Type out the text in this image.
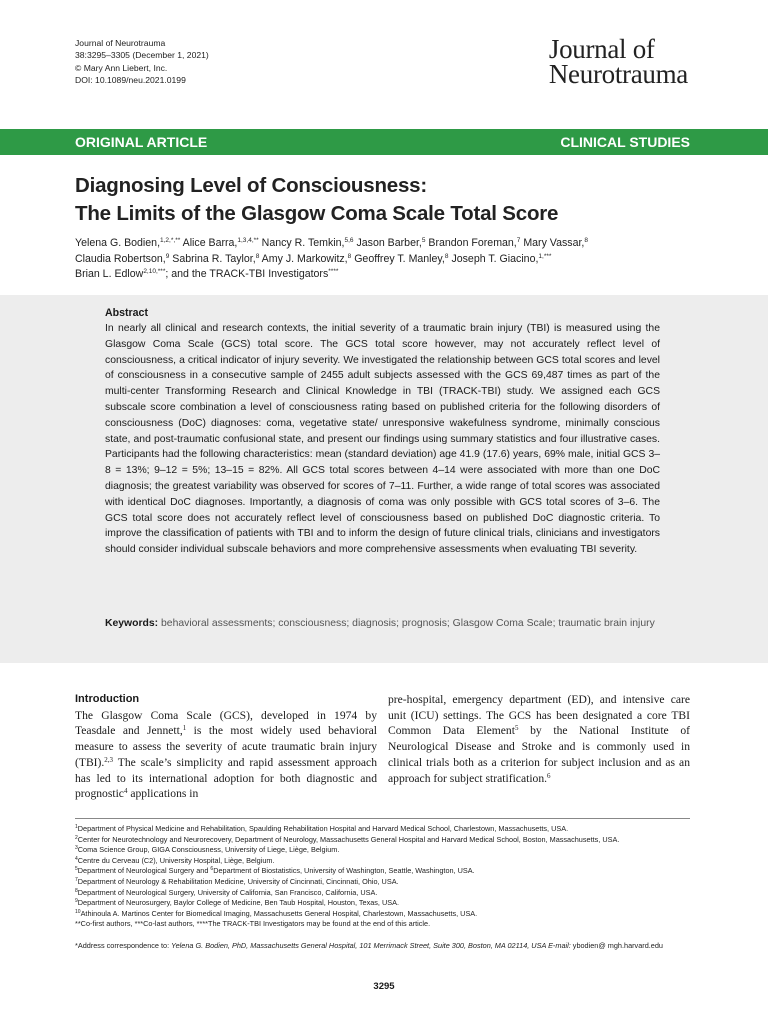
Journal of Neurotrauma
38:3295–3305 (December 1, 2021)
© Mary Ann Liebert, Inc.
DOI: 10.1089/neu.2021.0199
Journal of
Neurotrauma
ORIGINAL ARTICLE	CLINICAL STUDIES
Diagnosing Level of Consciousness:
The Limits of the Glasgow Coma Scale Total Score
Yelena G. Bodien,$^{1,2,*,**}$ Alice Barra,$^{1,3,4,**}$ Nancy R. Temkin,$^{5,6}$ Jason Barber,$^5$ Brandon Foreman,$^7$ Mary Vassar,$^8$
Claudia Robertson,$^9$ Sabrina R. Taylor,$^8$ Amy J. Markowitz,$^8$ Geoffrey T. Manley,$^8$ Joseph T. Giacino,$^{1,***}$
Brian L. Edlow$^{2,10,***}$; and the TRACK-TBI Investigators****
Abstract
In nearly all clinical and research contexts, the initial severity of a traumatic brain injury (TBI) is measured using the Glasgow Coma Scale (GCS) total score. The GCS total score however, may not accurately reflect level of consciousness, a critical indicator of injury severity. We investigated the relationship between GCS total scores and level of consciousness in a consecutive sample of 2455 adult subjects assessed with the GCS 69,487 times as part of the multi-center Transforming Research and Clinical Knowledge in TBI (TRACK-TBI) study. We assigned each GCS subscale score combination a level of consciousness rating based on published criteria for the following disorders of consciousness (DoC) diagnoses: coma, vegetative state/ unresponsive wakefulness syndrome, minimally conscious state, and post-traumatic confusional state, and present our findings using summary statistics and four illustrative cases. Participants had the following characteristics: mean (standard deviation) age 41.9 (17.6) years, 69% male, initial GCS 3–8 = 13%; 9–12 = 5%; 13–15 = 82%. All GCS total scores between 4–14 were associated with more than one DoC diagnosis; the greatest variability was observed for scores of 7–11. Further, a wide range of total scores was associated with identical DoC diagnoses. Importantly, a diagnosis of coma was only possible with GCS total scores of 3–6. The GCS total score does not accurately reflect level of consciousness based on published DoC diagnostic criteria. To improve the classification of patients with TBI and to inform the design of future clinical trials, clinicians and investigators should consider individual subscale behaviors and more comprehensive assessments when evaluating TBI severity.
Keywords: behavioral assessments; consciousness; diagnosis; prognosis; Glasgow Coma Scale; traumatic brain injury
Introduction
The Glasgow Coma Scale (GCS), developed in 1974 by Teasdale and Jennett,$^1$ is the most widely used behavioral measure to assess the severity of acute traumatic brain injury (TBI).$^{2,3}$ The scale’s simplicity and rapid assessment approach has led to its international adoption for both diagnostic and prognostic$^4$ applications in
pre-hospital, emergency department (ED), and intensive care unit (ICU) settings. The GCS has been designated a core TBI Common Data Element$^5$ by the National Institute of Neurological Disease and Stroke and is commonly used in clinical trials both as a criterion for subject inclusion and as an approach for subject stratification.$^6$
$^1$Department of Physical Medicine and Rehabilitation, Spaulding Rehabilitation Hospital and Harvard Medical School, Charlestown, Massachusetts, USA.
$^2$Center for Neurotechnology and Neurorecovery, Department of Neurology, Massachusetts General Hospital and Harvard Medical School, Boston, Massachusetts, USA.
$^3$Coma Science Group, GIGA Consciousness, University of Liege, Liège, Belgium.
$^4$Centre du Cerveau (C2), University Hospital, Liège, Belgium.
$^5$Department of Neurological Surgery and $^6$Department of Biostatistics, University of Washington, Seattle, Washington, USA.
$^7$Department of Neurology & Rehabilitation Medicine, University of Cincinnati, Cincinnati, Ohio, USA.
$^8$Department of Neurological Surgery, University of California, San Francisco, California, USA.
$^9$Department of Neurosurgery, Baylor College of Medicine, Ben Taub Hospital, Houston, Texas, USA.
$^{10}$Athinoula A. Martinos Center for Biomedical Imaging, Massachusetts General Hospital, Charlestown, Massachusetts, USA.
**Co-first authors, ***Co-last authors, ****The TRACK-TBI Investigators may be found at the end of this article.
*Address correspondence to: Yelena G. Bodien, PhD, Massachusetts General Hospital, 101 Merrimack Street, Suite 300, Boston, MA 02114, USA E-mail: ybodien@ mgh.harvard.edu
3295
